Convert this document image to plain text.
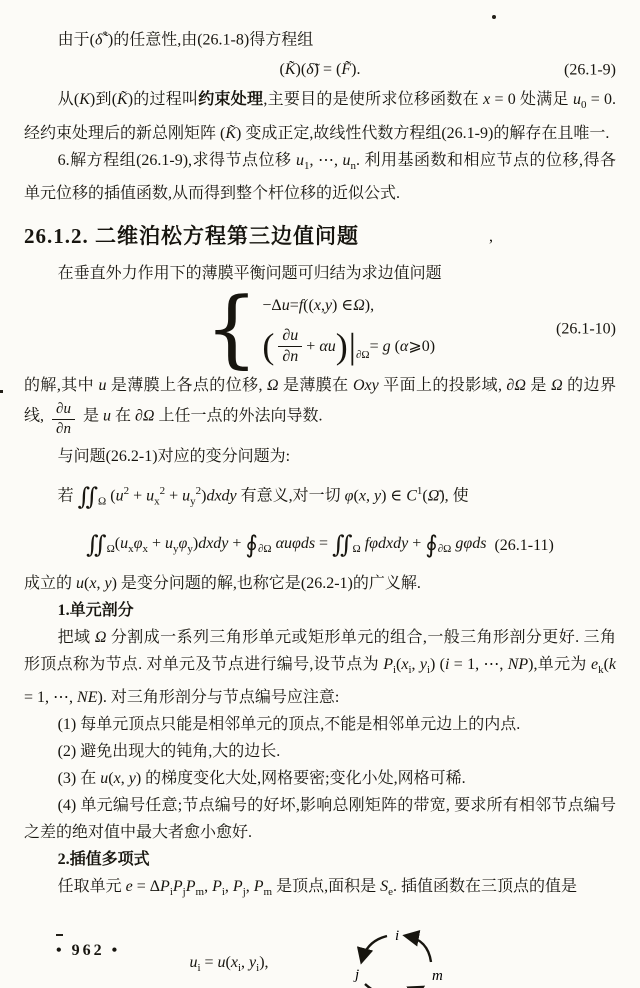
由于(δ̃*)的任意性,由(26.1-8)得方程组

(K̃)(δ̃) = (F̃).	(26.1-9)

从(K)到(K̃)的过程叫约束处理,主要目的是使所求位移函数在 x = 0 处满足 $u_0 = 0$. 经约束处理后的新总刚矩阵 (K̃) 变成正定,故线性代数方程组(26.1-9)的解存在且唯一.

6.解方程组(26.1-9),求得节点位移 $u_1$, ⋯, $u_n$. 利用基函数和相应节点的位移,得各单元位移的插值函数,从而得到整个杆位移的近似公式.

26.1.2. 二维泊松方程第三边值问题	,

在垂直外力作用下的薄膜平衡问题可归结为求边值问题

{ −Δ u = f (( x , y ) ∈ Ω ),
( $\frac{\partial u}{\partial n} + \alpha u$ ) $|_{\partial\Omega}$
= g (α⩾0)
(26.1-10)

的解,其中 u 是薄膜上各点的位移, Ω 是薄膜在 Oxy 平面上的投影域, ∂Ω 是 Ω 的边界线, $\frac{\partial u}{\partial n}$ 是 u 在 ∂Ω 上任一点的外法向导数.

与问题(26.2-1)对应的变分问题为:

若 $∬_\Omega$ ($u^2 + u_x^2$ + $u_y^2)dxdy$ 有意义,对一切 φ(x, y) ∈ $C^1(\Omegā)$, 使

$∬_\Omega(u_x\varphi_x$ + $u_y\varphi_y)dxdy$ + $∮_{\partial\Omega}$ $\alpha u\varphi ds = ∬_\Omega$ fφdxdy + $∮_{\partial\Omega}$ gφds (26.1-11)

成立的 u(x, y) 是变分问题的解,也称它是(26.2-1)的广义解.

1.单元剖分

把域 Ω 分割成一系列三角形单元或矩形单元的组合,一般三角形剖分更好. 三角形顶点称为节点. 对单元及节点进行编号,设节点为 $P_i(x_i$, $y_i$) (i = 1, ⋯, NP),单元为 $e_k(k = 1$, ⋯, NE). 对三角形剖分与节点编号应注意:

(1) 每单元顶点只能是相邻单元的顶点,不能是相邻单元边上的内点.

(2) 避免出现大的钝角,大的边长.

(3) 在 u(x, y) 的梯度变化大处,网格要密;变化小处,网格可稀.

(4) 单元编号任意;节点编号的好坏,影响总刚矩阵的带宽, 要求所有相邻节点编号之差的绝对值中最大者愈小愈好.

2.插值多项式

任取单元 $e = \Delta P_iP_jP_m$, $P_i$, $P_j$, $P_m$ 是顶点,面积是 $S_e$. 插值函数在三顶点的值是

$u_i = u(x_i$, $y_i$),
i
j	m
• 962 •
